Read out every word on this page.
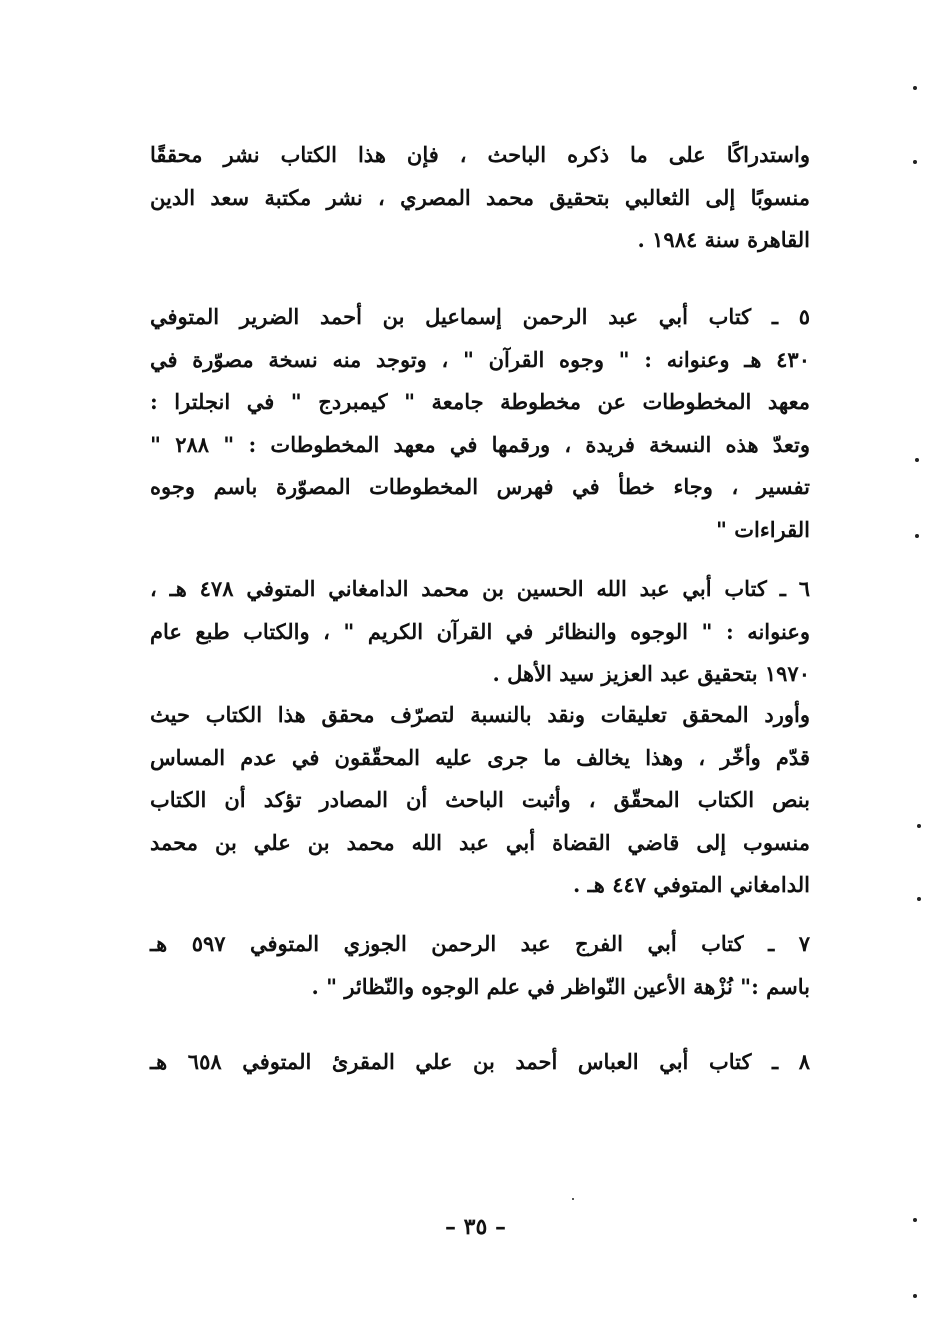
واستدراكًا على ما ذكره الباحث ، فإن هذا الكتاب نشر محققًا
منسوبًا إلى الثعالبي بتحقيق محمد المصري ، نشر مكتبة سعد الدين
القاهرة سنة ١٩٨٤ .
٥ ـ كتاب أبي عبد الرحمن إسماعيل بن أحمد الضرير المتوفي
٤٣٠ هـ وعنوانه : " وجوه القرآن " ، وتوجد منه نسخة مصوّرة في
معهد المخطوطات عن مخطوطة جامعة " كيمبردج " في انجلترا :
وتعدّ هذه النسخة فريدة ، ورقمها في معهد المخطوطات : " ٢٨٨ "
تفسير ، وجاء خطأ في فهرس المخطوطات المصوّرة باسم وجوه
القراءات "
٦ ـ كتاب أبي عبد الله الحسين بن محمد الدامغاني المتوفي ٤٧٨ هـ ،
وعنوانه : " الوجوه والنظائر في القرآن الكريم " ، والكتاب طبع عام
١٩٧٠ بتحقيق عبد العزيز سيد الأهل .
وأورد المحقق تعليقات ونقد بالنسبة لتصرّف محقق هذا الكتاب حيث
قدّم وأخّر ، وهذا يخالف ما جرى عليه المحقّقون في عدم المساس
بنص الكتاب المحقّق ، وأثبت الباحث أن المصادر تؤكد أن الكتاب
منسوب إلى قاضي القضاة أبي عبد الله محمد بن علي بن محمد
الدامغاني المتوفي ٤٤٧ هـ .
٧ ـ كتاب أبي الفرج عبد الرحمن الجوزي المتوفي ٥٩٧ هـ
باسم :" نُزْهة الأعين النّواظر في علم الوجوه والنّظائر " .
٨ ـ كتاب أبي العباس أحمد بن علي المقرئ المتوفي ٦٥٨ هـ
– ٣٥ –
